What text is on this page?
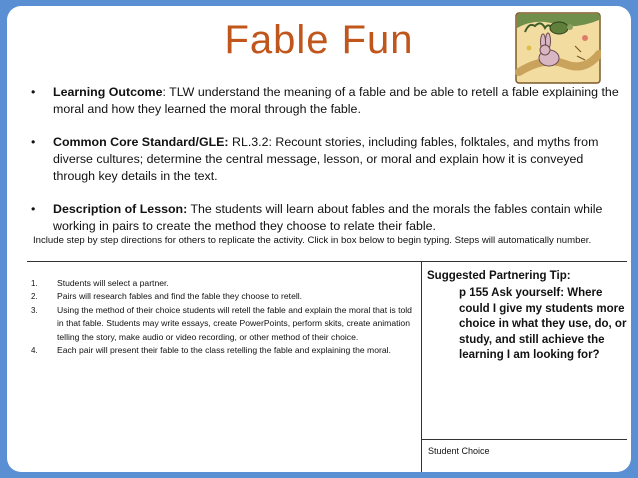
Fable Fun
• Learning Outcome: TLW understand the meaning of a fable and be able to retell a fable explaining the moral and how they learned the moral through the fable.
• Common Core Standard/GLE: RL.3.2: Recount stories, including fables, folktales, and myths from diverse cultures; determine the central message, lesson, or moral and explain how it is conveyed through key details in the text.
• Description of Lesson: The students will learn about fables and the morals the fables contain while working in pairs to create the method they choose to relate their fable.
Include step by step directions for others to replicate the activity. Click in box below to begin typing. Steps will automatically number.
1. Students will select a partner.
2. Pairs will research fables and find the fable they choose to retell.
3. Using the method of their choice students will retell the fable and explain the moral that is told in that fable. Students may write essays, create PowerPoints, perform skits, create animation telling the story, make audio or video recording, or other method of their choice.
4. Each pair will present their fable to the class retelling the fable and explaining the moral.
Suggested Partnering Tip:
p 155 Ask yourself: Where could I give my students more choice in what they use, do, or study, and still achieve the learning I am looking for?
Student Choice
